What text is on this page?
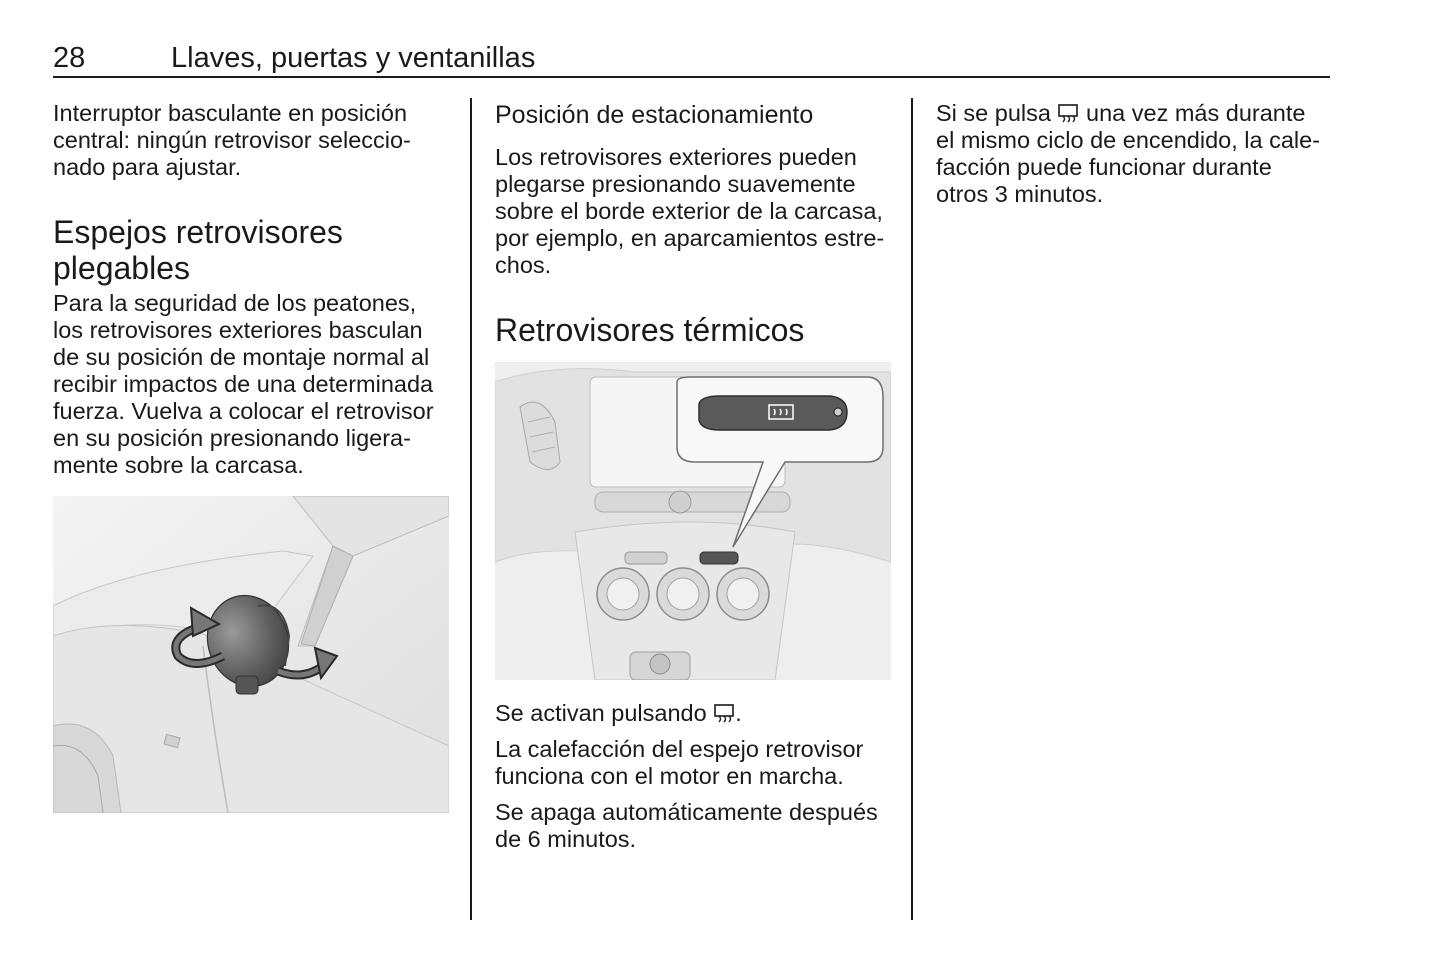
28	Llaves, puertas y ventanillas

Interruptor basculante en posición
central: ningún retrovisor seleccio-
nado para ajustar.

Espejos retrovisores
plegables

Para la seguridad de los peatones,
los retrovisores exteriores basculan
de su posición de montaje normal al
recibir impactos de una determinada
fuerza. Vuelva a colocar el retrovisor
en su posición presionando ligera-
mente sobre la carcasa.

Posición de estacionamiento

Los retrovisores exteriores pueden
plegarse presionando suavemente
sobre el borde exterior de la carcasa,
por ejemplo, en aparcamientos estre-
chos.

Retrovisores térmicos

Se activan pulsando .

La calefacción del espejo retrovisor
funciona con el motor en marcha.

Se apaga automáticamente después
de 6 minutos.

Si se pulsa  una vez más durante
el mismo ciclo de encendido, la cale-
facción puede funcionar durante
otros 3 minutos.
